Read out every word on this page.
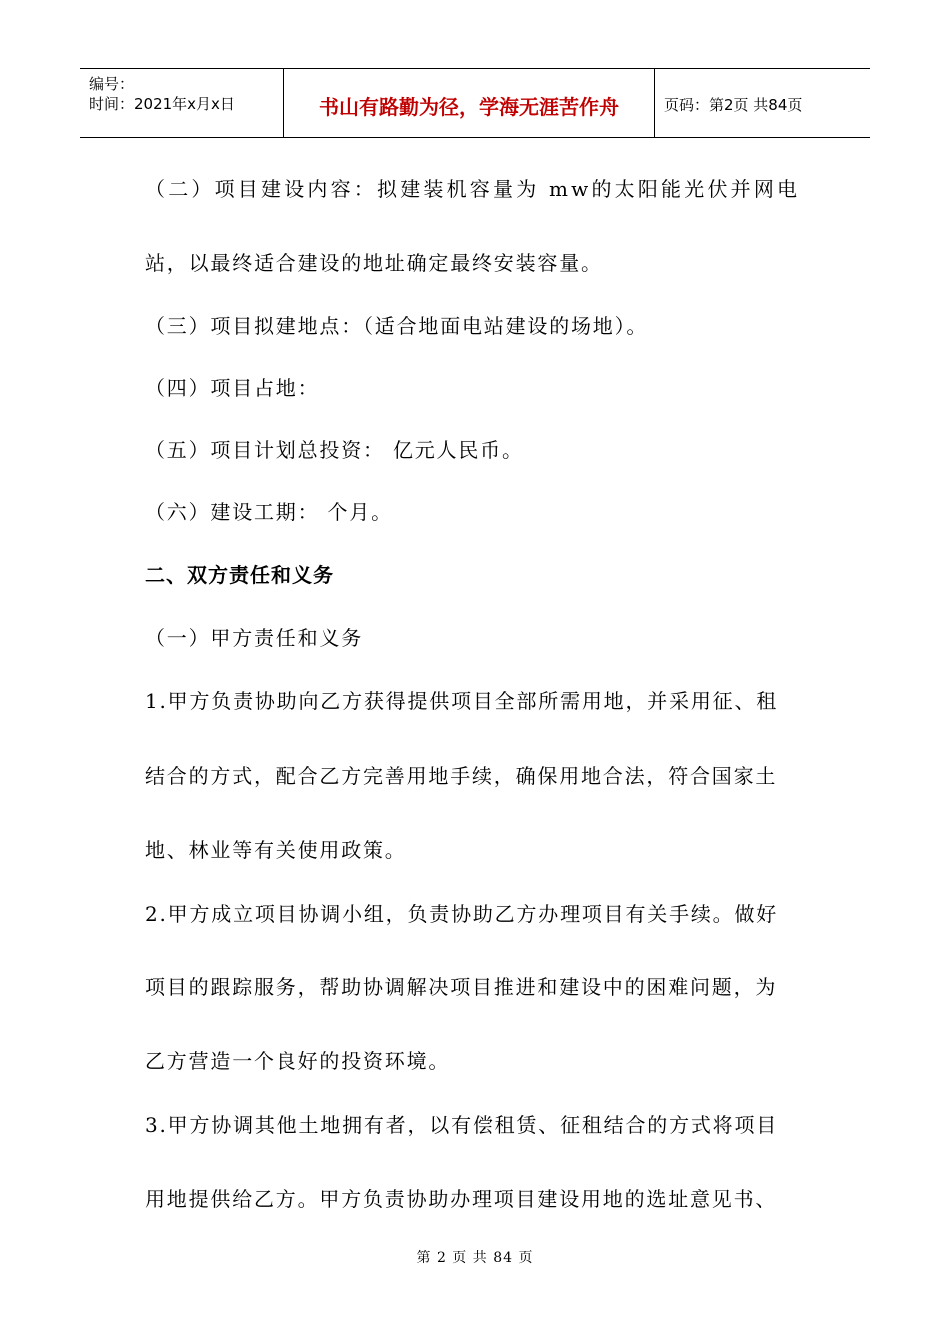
编号：
时间：2021年x月x日	书山有路勤为径，学海无涯苦作舟	页码：第2页 共84页
（二）项目建设内容：拟建装机容量为 mw的太阳能光伏并网电
站，以最终适合建设的地址确定最终安装容量。
（三）项目拟建地点：（适合地面电站建设的场地）。
（四）项目占地：
（五）项目计划总投资： 亿元人民币。
（六）建设工期： 个月。
二、双方责任和义务
（一）甲方责任和义务
1.甲方负责协助向乙方获得提供项目全部所需用地，并采用征、租
结合的方式，配合乙方完善用地手续，确保用地合法，符合国家土
地、林业等有关使用政策。
2.甲方成立项目协调小组，负责协助乙方办理项目有关手续。做好
项目的跟踪服务，帮助协调解决项目推进和建设中的困难问题，为
乙方营造一个良好的投资环境。
3.甲方协调其他土地拥有者，以有偿租赁、征租结合的方式将项目
用地提供给乙方。甲方负责协助办理项目建设用地的选址意见书、
第 2 页 共 84 页
